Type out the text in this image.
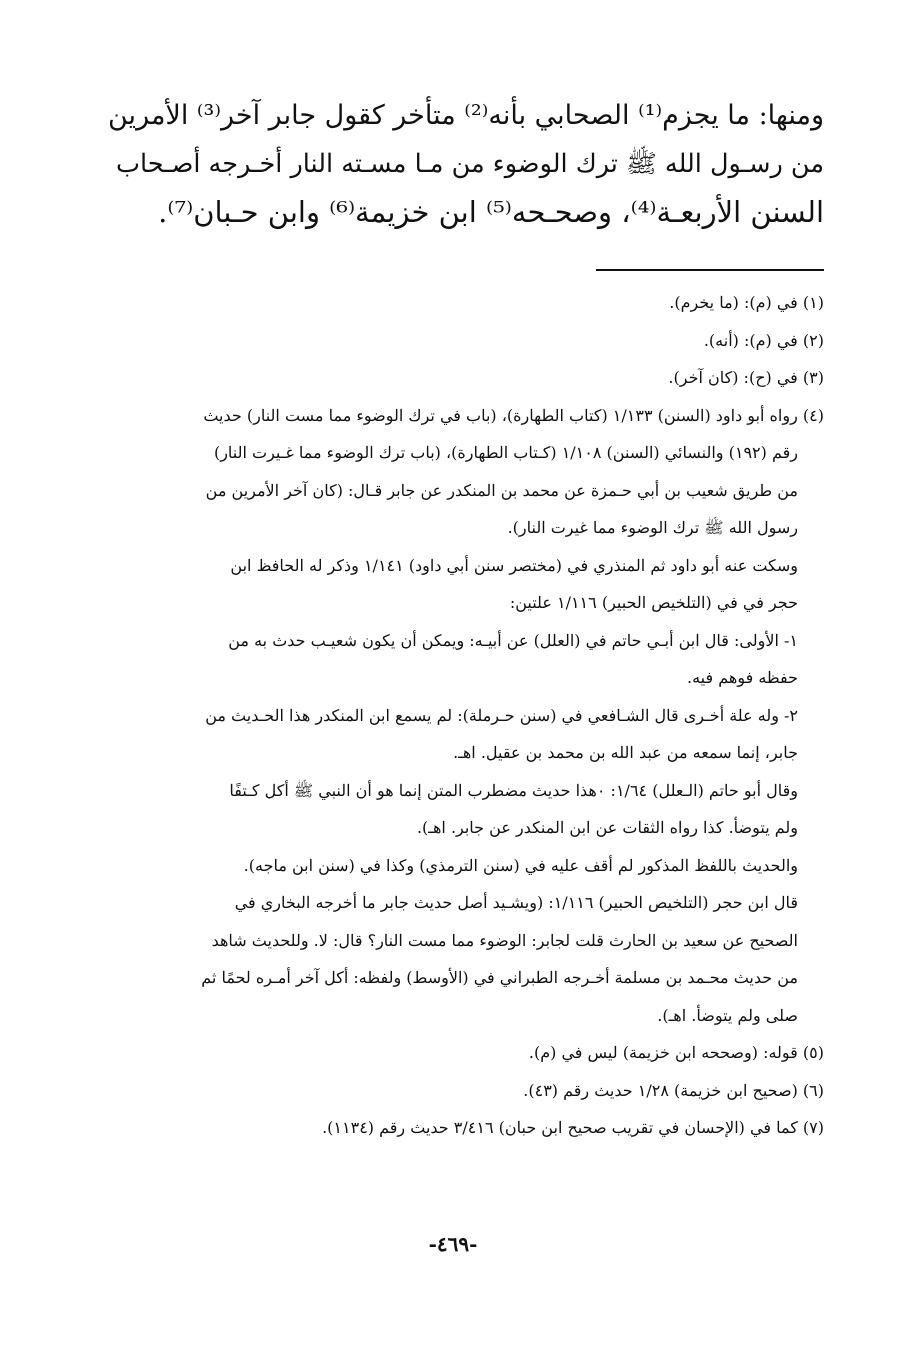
ومنها: ما يجزم⁽¹⁾ الصحابي بأنه⁽²⁾ متأخر كقول جابر آخر⁽³⁾ الأمرين
من رسـول الله ﷺ ترك الوضوء من مـا مسـته النار أخـرجه أصـحاب
السنن الأربعـة⁽⁴⁾، وصحـحه⁽⁵⁾ ابن خزيمة⁽⁶⁾ وابن حـبان⁽⁷⁾.
(١) في (م): (ما يخرم).
(٢) في (م): (أنه).
(٣) في (ح): (كان آخر).
(٤) رواه أبو داود (السنن) ١/١٣٣ (كتاب الطهارة)، (باب في ترك الوضوء مما مست النار) حديث
رقم (١٩٢) والنسائي (السنن) ١/١٠٨ (كـتاب الطهارة)، (باب ترك الوضوء مما غـيرت النار)
من طريق شعيب بن أبي حـمزة عن محمد بن المنكدر عن جابر قـال: (كان آخر الأمرين من
رسول الله ﷺ ترك الوضوء مما غيرت النار).
وسكت عنه أبو داود ثم المنذري في (مختصر سنن أبي داود) ١/١٤١ وذكر له الحافظ ابن
حجر في في (التلخيص الحبير) ١/١١٦ علتين:
١- الأولى: قال ابن أبـي حاتم في (العلل) عن أبيـه: ويمكن أن يكون شعيـب حدث به من
حفظه فوهم فيه.
٢- وله علة أخـرى قال الشـافعي في (سنن حـرملة): لم يسمع ابن المنكدر هذا الحـديث من
جابر، إنما سمعه من عبد الله بن محمد بن عقيل. اهـ.
وقال أبو حاتم (الـعلل) ١/٦٤: ٠هذا حديث مضطرب المتن إنما هو أن النبي ﷺ أكل كـتفًا
ولم يتوضأ. كذا رواه الثقات عن ابن المنكدر عن جابر. اهـ).
والحديث باللفظ المذكور لم أقف عليه في (سنن الترمذي) وكذا في (سنن ابن ماجه).
قال ابن حجر (التلخيص الحبير) ١/١١٦: (ويشـيد أصل حديث جابر ما أخرجه البخاري في
الصحيح عن سعيد بن الحارث قلت لجابر: الوضوء مما مست النار؟ قال: لا. وللحديث شاهد
من حديث محـمد بن مسلمة أخـرجه الطبراني في (الأوسط) ولفظه: أكل آخر أمـره لحمًا ثم
صلى ولم يتوضأ. اهـ).
(٥) قوله: (وصححه ابن خزيمة) ليس في (م).
(٦) (صحيح ابن خزيمة) ١/٢٨ حديث رقم (٤٣).
(٧) كما في (الإحسان في تقريب صحيح ابن حبان) ٣/٤١٦ حديث رقم (١١٣٤).
-٤٦٩-
